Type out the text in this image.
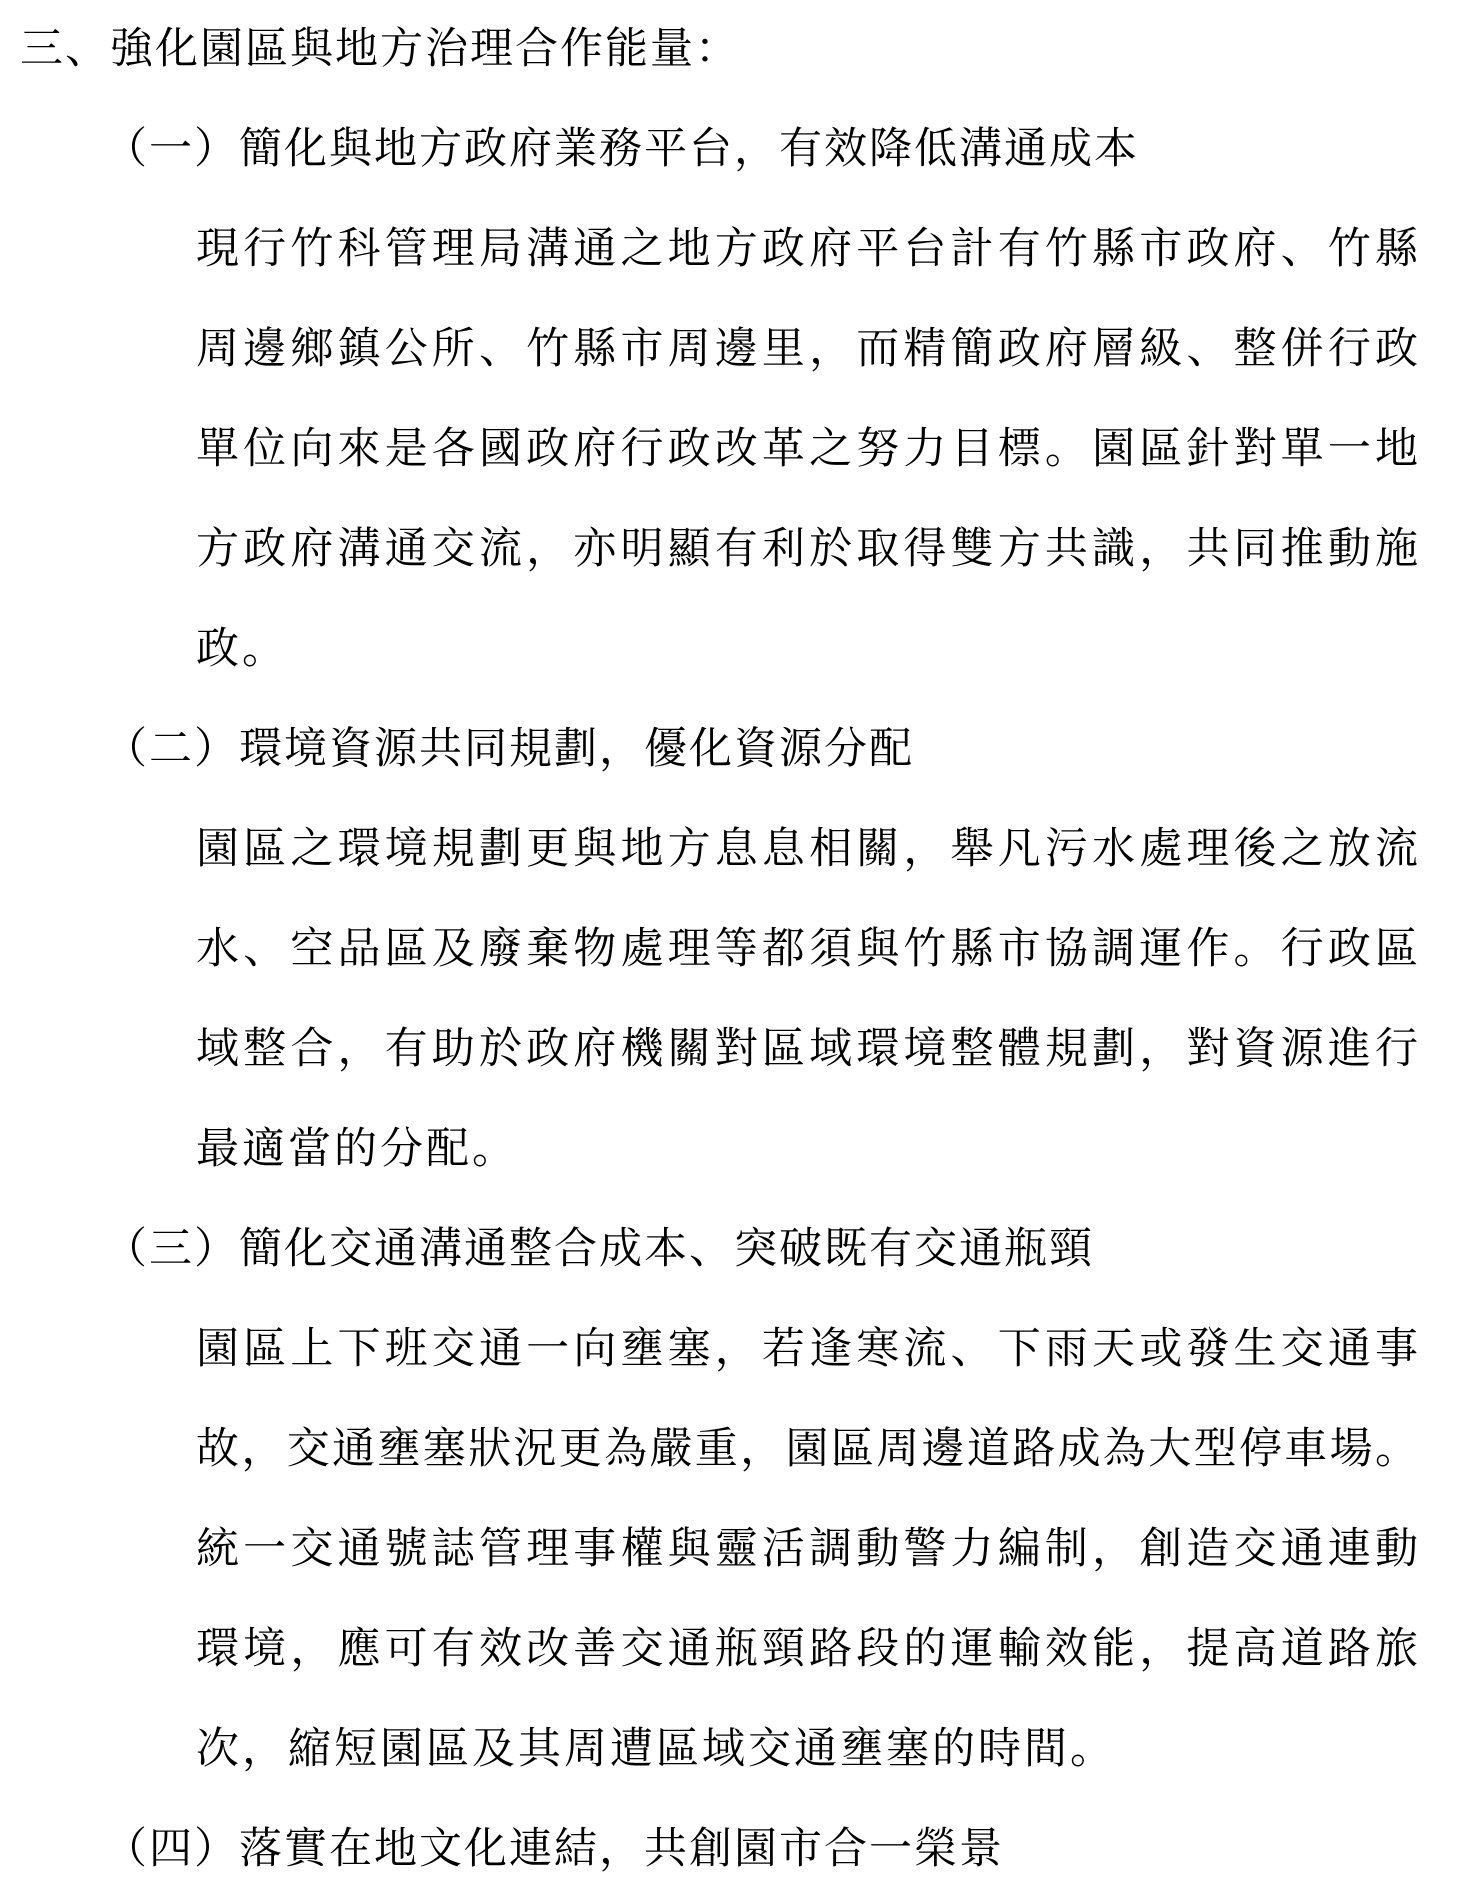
三、強化園區與地方治理合作能量：
（一）簡化與地方政府業務平台，有效降低溝通成本
現行竹科管理局溝通之地方政府平台計有竹縣市政府、竹縣
周邊鄉鎮公所、竹縣市周邊里，而精簡政府層級、整併行政
單位向來是各國政府行政改革之努力目標。園區針對單一地
方政府溝通交流，亦明顯有利於取得雙方共識，共同推動施
政。
（二）環境資源共同規劃，優化資源分配
園區之環境規劃更與地方息息相關，舉凡污水處理後之放流
水、空品區及廢棄物處理等都須與竹縣市協調運作。行政區
域整合，有助於政府機關對區域環境整體規劃，對資源進行
最適當的分配。
（三）簡化交通溝通整合成本、突破既有交通瓶頸
園區上下班交通一向壅塞，若逢寒流、下雨天或發生交通事
故，交通壅塞狀況更為嚴重，園區周邊道路成為大型停車場。
統一交通號誌管理事權與靈活調動警力編制，創造交通連動
環境，應可有效改善交通瓶頸路段的運輸效能，提高道路旅
次，縮短園區及其周遭區域交通壅塞的時間。
（四）落實在地文化連結，共創園市合一榮景
